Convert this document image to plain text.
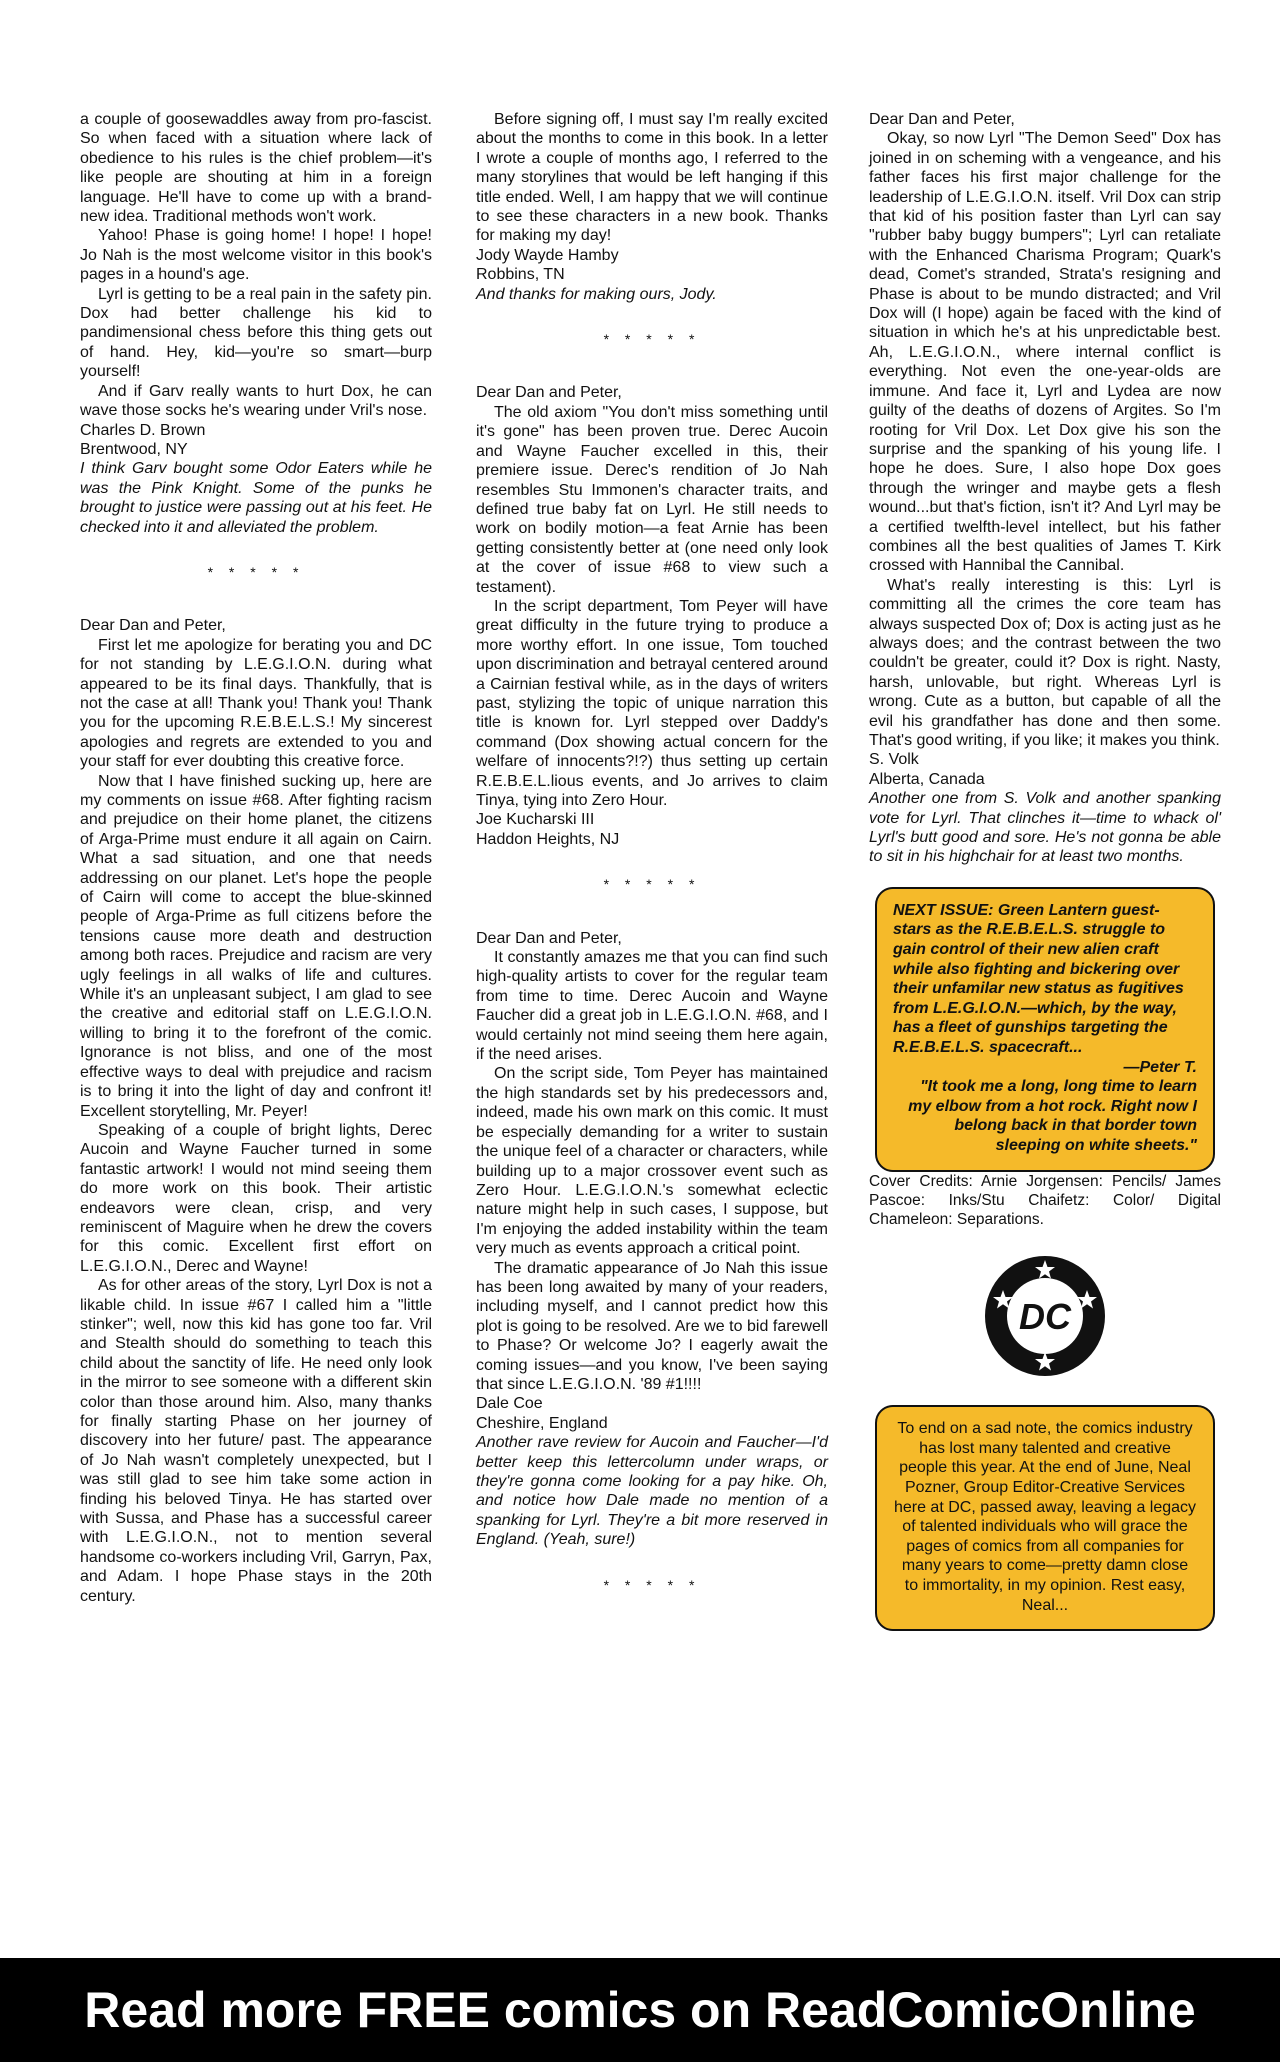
a couple of goosewaddles away from pro-fascist. So when faced with a situation where lack of obedience to his rules is the chief problem—it's like people are shouting at him in a foreign language. He'll have to come up with a brand-new idea. Traditional methods won't work.

Yahoo! Phase is going home! I hope! I hope! Jo Nah is the most welcome visitor in this book's pages in a hound's age.

Lyrl is getting to be a real pain in the safety pin. Dox had better challenge his kid to pandimensional chess before this thing gets out of hand. Hey, kid—you're so smart—burp yourself!

And if Garv really wants to hurt Dox, he can wave those socks he's wearing under Vril's nose.

Charles D. Brown

Brentwood, NY

I think Garv bought some Odor Eaters while he was the Pink Knight. Some of the punks he brought to justice were passing out at his feet. He checked into it and alleviated the problem.

* * * * *

Dear Dan and Peter,

First let me apologize for berating you and DC for not standing by L.E.G.I.O.N. during what appeared to be its final days. Thankfully, that is not the case at all! Thank you! Thank you! Thank you for the upcoming R.E.B.E.L.S.! My sincerest apologies and regrets are extended to you and your staff for ever doubting this creative force.

Now that I have finished sucking up, here are my comments on issue #68. After fighting racism and prejudice on their home planet, the citizens of Arga-Prime must endure it all again on Cairn. What a sad situation, and one that needs addressing on our planet. Let's hope the people of Cairn will come to accept the blue-skinned people of Arga-Prime as full citizens before the tensions cause more death and destruction among both races. Prejudice and racism are very ugly feelings in all walks of life and cultures. While it's an unpleasant subject, I am glad to see the creative and editorial staff on L.E.G.I.O.N. willing to bring it to the forefront of the comic. Ignorance is not bliss, and one of the most effective ways to deal with prejudice and racism is to bring it into the light of day and confront it! Excellent storytelling, Mr. Peyer!

Speaking of a couple of bright lights, Derec Aucoin and Wayne Faucher turned in some fantastic artwork! I would not mind seeing them do more work on this book. Their artistic endeavors were clean, crisp, and very reminiscent of Maguire when he drew the covers for this comic. Excellent first effort on L.E.G.I.O.N., Derec and Wayne!

As for other areas of the story, Lyrl Dox is not a likable child. In issue #67 I called him a "little stinker"; well, now this kid has gone too far. Vril and Stealth should do something to teach this child about the sanctity of life. He need only look in the mirror to see someone with a different skin color than those around him. Also, many thanks for finally starting Phase on her journey of discovery into her future/ past. The appearance of Jo Nah wasn't completely unexpected, but I was still glad to see him take some action in finding his beloved Tinya. He has started over with Sussa, and Phase has a successful career with L.E.G.I.O.N., not to mention several handsome co-workers including Vril, Garryn, Pax, and Adam. I hope Phase stays in the 20th century.

Before signing off, I must say I'm really excited about the months to come in this book. In a letter I wrote a couple of months ago, I referred to the many storylines that would be left hanging if this title ended. Well, I am happy that we will continue to see these characters in a new book. Thanks for making my day!

Jody Wayde Hamby

Robbins, TN

And thanks for making ours, Jody.

* * * * *

Dear Dan and Peter,

The old axiom "You don't miss something until it's gone" has been proven true. Derec Aucoin and Wayne Faucher excelled in this, their premiere issue. Derec's rendition of Jo Nah resembles Stu Immonen's character traits, and defined true baby fat on Lyrl. He still needs to work on bodily motion—a feat Arnie has been getting consistently better at (one need only look at the cover of issue #68 to view such a testament).

In the script department, Tom Peyer will have great difficulty in the future trying to produce a more worthy effort. In one issue, Tom touched upon discrimination and betrayal centered around a Cairnian festival while, as in the days of writers past, stylizing the topic of unique narration this title is known for. Lyrl stepped over Daddy's command (Dox showing actual concern for the welfare of innocents?!?) thus setting up certain R.E.B.E.L.lious events, and Jo arrives to claim Tinya, tying into Zero Hour.

Joe Kucharski III

Haddon Heights, NJ

* * * * *

Dear Dan and Peter,

It constantly amazes me that you can find such high-quality artists to cover for the regular team from time to time. Derec Aucoin and Wayne Faucher did a great job in L.E.G.I.O.N. #68, and I would certainly not mind seeing them here again, if the need arises.

On the script side, Tom Peyer has maintained the high standards set by his predecessors and, indeed, made his own mark on this comic. It must be especially demanding for a writer to sustain the unique feel of a character or characters, while building up to a major crossover event such as Zero Hour. L.E.G.I.O.N.'s somewhat eclectic nature might help in such cases, I suppose, but I'm enjoying the added instability within the team very much as events approach a critical point.

The dramatic appearance of Jo Nah this issue has been long awaited by many of your readers, including myself, and I cannot predict how this plot is going to be resolved. Are we to bid farewell to Phase? Or welcome Jo? I eagerly await the coming issues—and you know, I've been saying that since L.E.G.I.O.N. '89 #1!!!!

Dale Coe

Cheshire, England

Another rave review for Aucoin and Faucher—I'd better keep this lettercolumn under wraps, or they're gonna come looking for a pay hike. Oh, and notice how Dale made no mention of a spanking for Lyrl. They're a bit more reserved in England. (Yeah, sure!)

* * * * *

Dear Dan and Peter,

Okay, so now Lyrl "The Demon Seed" Dox has joined in on scheming with a vengeance, and his father faces his first major challenge for the leadership of L.E.G.I.O.N. itself. Vril Dox can strip that kid of his position faster than Lyrl can say "rubber baby buggy bumpers"; Lyrl can retaliate with the Enhanced Charisma Program; Quark's dead, Comet's stranded, Strata's resigning and Phase is about to be mundo distracted; and Vril Dox will (I hope) again be faced with the kind of situation in which he's at his unpredictable best. Ah, L.E.G.I.O.N., where internal conflict is everything. Not even the one-year-olds are immune. And face it, Lyrl and Lydea are now guilty of the deaths of dozens of Argites. So I'm rooting for Vril Dox. Let Dox give his son the surprise and the spanking of his young life. I hope he does. Sure, I also hope Dox goes through the wringer and maybe gets a flesh wound...but that's fiction, isn't it? And Lyrl may be a certified twelfth-level intellect, but his father combines all the best qualities of James T. Kirk crossed with Hannibal the Cannibal.

What's really interesting is this: Lyrl is committing all the crimes the core team has always suspected Dox of; Dox is acting just as he always does; and the contrast between the two couldn't be greater, could it? Dox is right. Nasty, harsh, unlovable, but right. Whereas Lyrl is wrong. Cute as a button, but capable of all the evil his grandfather has done and then some. That's good writing, if you like; it makes you think.

S. Volk

Alberta, Canada

Another one from S. Volk and another spanking vote for Lyrl. That clinches it—time to whack ol' Lyrl's butt good and sore. He's not gonna be able to sit in his highchair for at least two months.

NEXT ISSUE: Green Lantern guest-stars as the R.E.B.E.L.S. struggle to gain control of their new alien craft while also fighting and bickering over their unfamilar new status as fugitives from L.E.G.I.O.N.—which, by the way, has a fleet of gunships targeting the R.E.B.E.L.S. spacecraft...
—Peter T.
"It took me a long, long time to learn my elbow from a hot rock. Right now I belong back in that border town sleeping on white sheets."

Cover Credits: Arnie Jorgensen: Pencils/ James Pascoe: Inks/Stu Chaifetz: Color/ Digital Chameleon: Separations.

DC
To end on a sad note, the comics industry has lost many talented and creative people this year. At the end of June, Neal Pozner, Group Editor-Creative Services here at DC, passed away, leaving a legacy of talented individuals who will grace the pages of comics from all companies for many years to come—pretty damn close to immortality, in my opinion. Rest easy, Neal...
Read more FREE comics on ReadComicOnline
